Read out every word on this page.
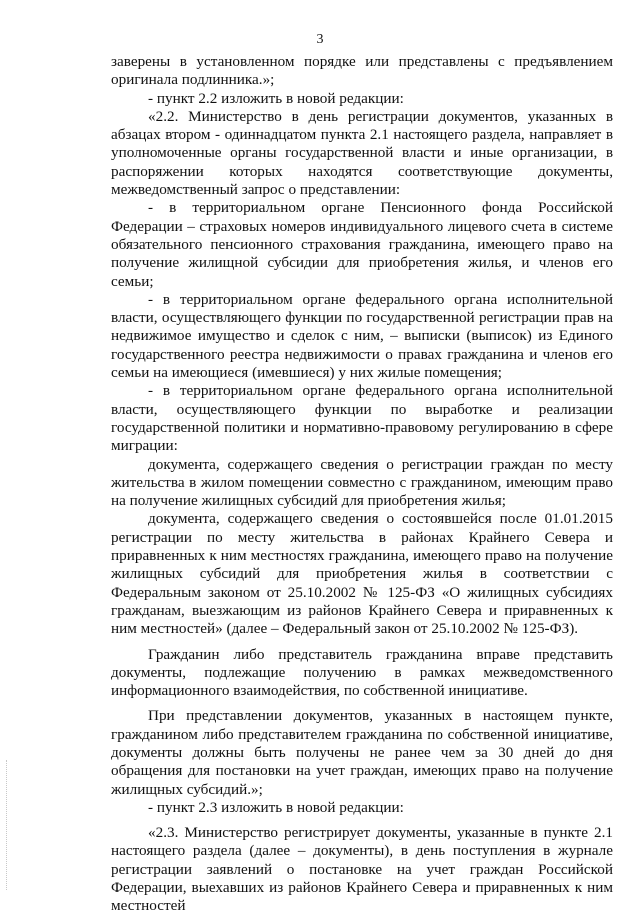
3

заверены в установленном порядке или представлены с предъявлением оригинала подлинника.»;

- пункт 2.2 изложить в новой редакции:

«2.2. Министерство в день регистрации документов, указанных в абзацах втором - одиннадцатом пункта 2.1 настоящего раздела, направляет в уполномоченные органы государственной власти и иные организации, в распоряжении которых находятся соответствующие документы, межведомственный запрос о представлении:

- в территориальном органе Пенсионного фонда Российской Федерации – страховых номеров индивидуального лицевого счета в системе обязательного пенсионного страхования гражданина, имеющего право на получение жилищной субсидии для приобретения жилья, и членов его семьи;

- в территориальном органе федерального органа исполнительной власти, осуществляющего функции по государственной регистрации прав на недвижимое имущество и сделок с ним, – выписки (выписок) из Единого государственного реестра недвижимости о правах гражданина и членов его семьи на имеющиеся (имевшиеся) у них жилые помещения;

- в территориальном органе федерального органа исполнительной власти, осуществляющего функции по выработке и реализации государственной политики и нормативно-правовому регулированию в сфере миграции:

документа, содержащего сведения о регистрации граждан по месту жительства в жилом помещении совместно с гражданином, имеющим право на получение жилищных субсидий для приобретения жилья;

документа, содержащего сведения о состоявшейся после 01.01.2015 регистрации по месту жительства в районах Крайнего Севера и приравненных к ним местностях гражданина, имеющего право на получение жилищных субсидий для приобретения жилья в соответствии с Федеральным законом от 25.10.2002 № 125-ФЗ «О жилищных субсидиях гражданам, выезжающим из районов Крайнего Севера и приравненных к ним местностей» (далее – Федеральный закон от 25.10.2002 № 125-ФЗ).

Гражданин либо представитель гражданина вправе представить документы, подлежащие получению в рамках межведомственного информационного взаимодействия, по собственной инициативе.

При представлении документов, указанных в настоящем пункте, гражданином либо представителем гражданина по собственной инициативе, документы должны быть получены не ранее чем за 30 дней до дня обращения для постановки на учет граждан, имеющих право на получение жилищных субсидий.»;

- пункт 2.3 изложить в новой редакции:

«2.3. Министерство регистрирует документы, указанные в пункте 2.1 настоящего раздела (далее – документы), в день поступления в журнале регистрации заявлений о постановке на учет граждан Российской Федерации, выехавших из районов Крайнего Севера и приравненных к ним местностей
